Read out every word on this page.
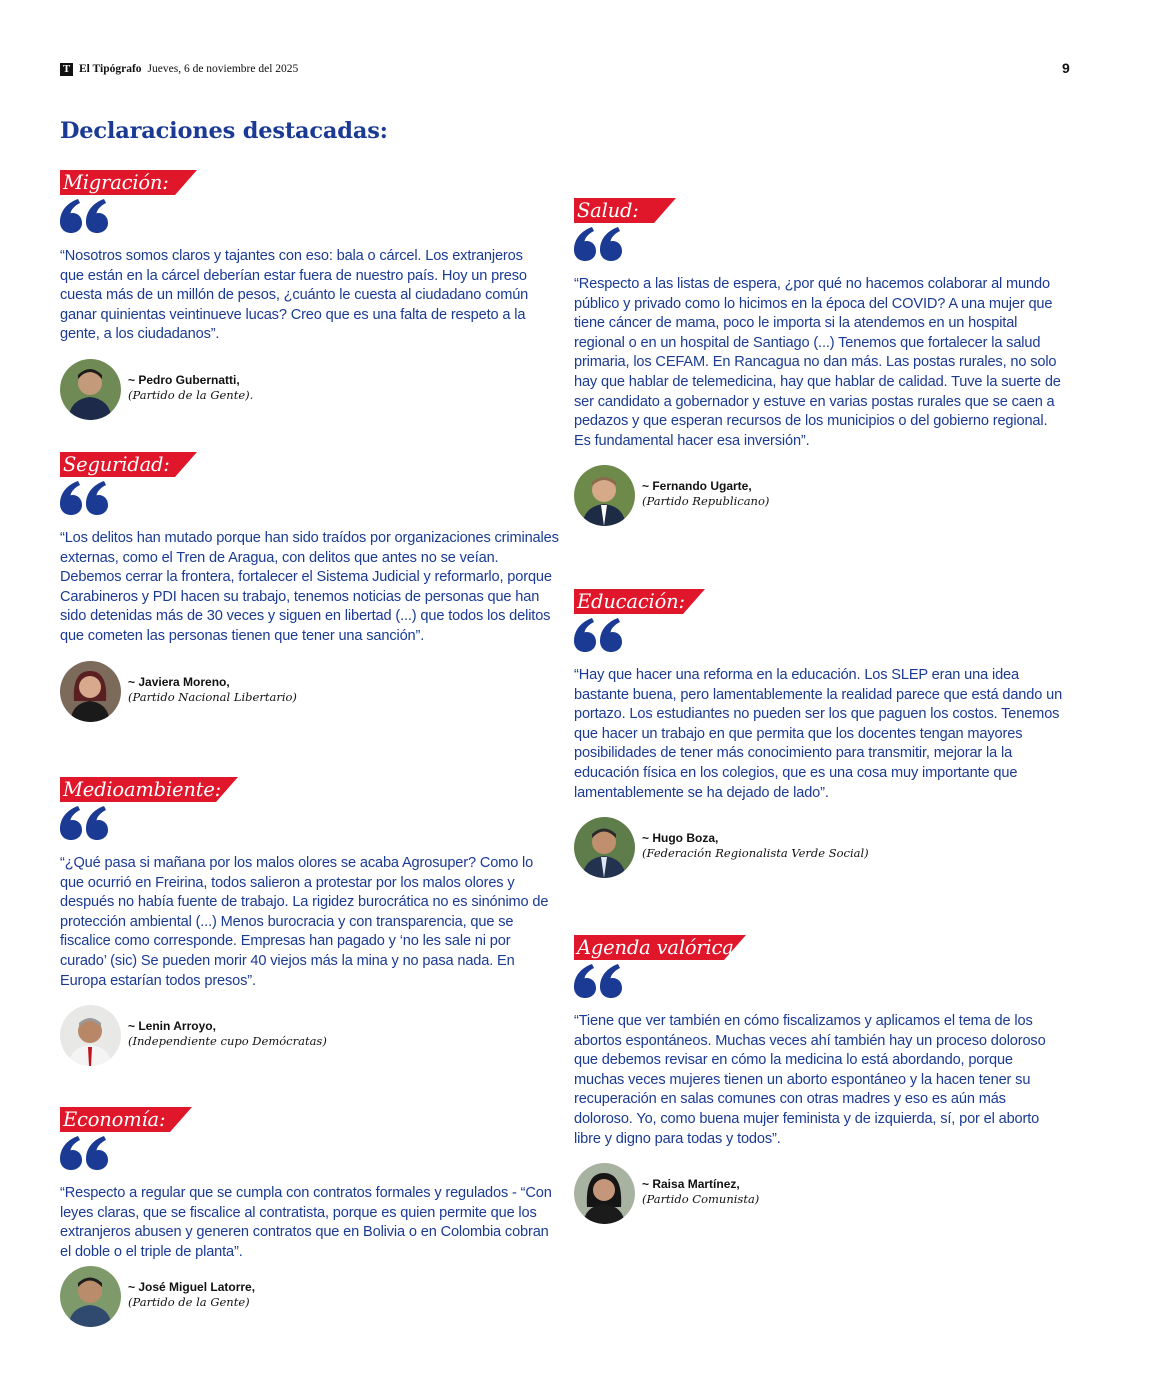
T El Tipógrafo Jueves, 6 de noviembre del 2025	9
Declaraciones destacadas:
Migración:

“Nosotros somos claros y tajantes con eso: bala o cárcel. Los extranjeros que están en la cárcel deberían estar fuera de nuestro país. Hoy un preso cuesta más de un millón de pesos, ¿cuánto le cuesta al ciudadano común ganar quinientas veintinueve lucas? Creo que es una falta de respeto a la gente, a los ciudadanos”.

~ Pedro Gubernatti,
(Partido de la Gente).
Seguridad:

“Los delitos han mutado porque han sido traídos por organizaciones criminales externas, como el Tren de Aragua, con delitos que antes no se veían. Debemos cerrar la frontera, fortalecer el Sistema Judicial y reformarlo, porque Carabineros y PDI hacen su trabajo, tenemos noticias de personas que han sido detenidas más de 30 veces y siguen en libertad (...) que todos los delitos que cometen las personas tienen que tener una sanción”.

~ Javiera Moreno,
(Partido Nacional Libertario)
Medioambiente:

“¿Qué pasa si mañana por los malos olores se acaba Agrosuper? Como lo que ocurrió en Freirina, todos salieron a protestar por los malos olores y después no había fuente de trabajo. La rigidez burocrática no es sinónimo de protección ambiental (...) Menos burocracia y con transparencia, que se fiscalice como corresponde. Empresas han pagado y ‘no les sale ni por curado’ (sic) Se pueden morir 40 viejos más la mina y no pasa nada. En Europa estarían todos presos”.

~ Lenin Arroyo,
(Independiente cupo Demócratas)
Economía:

“Respecto a regular que se cumpla con contratos formales y regulados - “Con leyes claras, que se fiscalice al contratista, porque es quien permite que los extranjeros abusen y generen contratos que en Bolivia o en Colombia cobran el doble o el triple de planta”.

~ José Miguel Latorre,
(Partido de la Gente)
Salud:

“Respecto a las listas de espera, ¿por qué no hacemos colaborar al mundo público y privado como lo hicimos en la época del COVID? A una mujer que tiene cáncer de mama, poco le importa si la atendemos en un hospital regional o en un hospital de Santiago (...) Tenemos que fortalecer la salud primaria, los CEFAM. En Rancagua no dan más. Las postas rurales, no solo hay que hablar de telemedicina, hay que hablar de calidad. Tuve la suerte de ser candidato a gobernador y estuve en varias postas rurales que se caen a pedazos y que esperan recursos de los municipios o del gobierno regional. Es fundamental hacer esa inversión”.

~ Fernando Ugarte,
(Partido Republicano)
Educación:

“Hay que hacer una reforma en la educación. Los SLEP eran una idea bastante buena, pero lamentablemente la realidad parece que está dando un portazo. Los estudiantes no pueden ser los que paguen los costos. Tenemos que hacer un trabajo en que permita que los docentes tengan mayores posibilidades de tener más conocimiento para transmitir, mejorar la la educación física en los colegios, que es una cosa muy importante que lamentablemente se ha dejado de lado”.

~ Hugo Boza,
(Federación Regionalista Verde Social)
Agenda valórica

“Tiene que ver también en cómo fiscalizamos y aplicamos el tema de los abortos espontáneos. Muchas veces ahí también hay un proceso doloroso que debemos revisar en cómo la medicina lo está abordando, porque muchas veces mujeres tienen un aborto espontáneo y la hacen tener su recuperación en salas comunes con otras madres y eso es aún más doloroso. Yo, como buena mujer feminista y de izquierda, sí, por el aborto libre y digno para todas y todos”.

~ Raisa Martínez,
(Partido Comunista)
